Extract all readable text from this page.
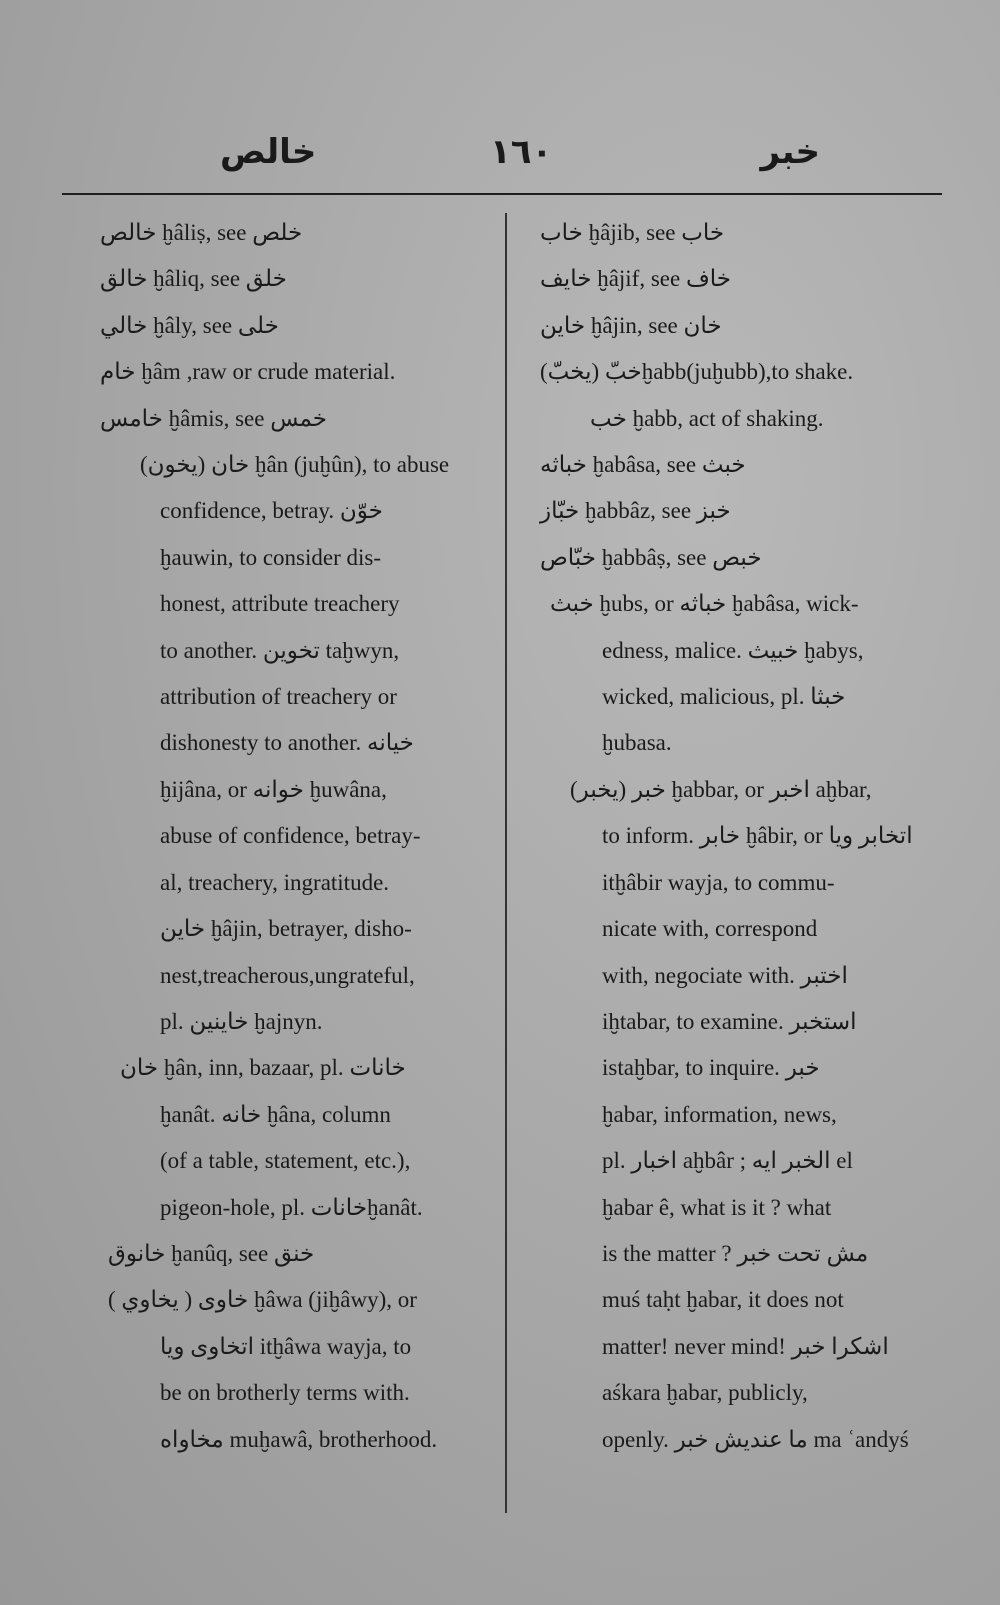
خالص	١٦٠	خبر
خالص ḫâliṣ, see خلص
خالق ḫâliq, see خلق
خالي ḫâly, see خلى
خام ḫâm ,raw or crude material.
خامس ḫâmis, see خمس
خان (يخون) ḫân (juḫûn), to abuse
confidence, betray. خوّن
ḫauwin, to consider dis-
honest, attribute treachery
to another. تخوين taḫwyn,
attribution of treachery or
dishonesty to another. خيانه
ḫijâna, or خوانه ḫuwâna,
abuse of confidence, betray-
al, treachery, ingratitude.
خاين ḫâjin, betrayer, disho-
nest,treacherous,ungrateful,
pl. خاينين ḫajnyn.
خان ḫân, inn, bazaar, pl. خانات
ḫanât. خانه ḫâna, column
(of a table, statement, etc.),
pigeon-hole, pl. خاناتḫanât.
خانوق ḫanûq, see خنق
خاوى ( يخاوي ) ḫâwa (jiḫâwy), or
اتخاوى ويا itḫâwa wayja, to
be on brotherly terms with.
مخاواه muḫawâ, brotherhood.
خاب ḫâjib, see خاب
خايف ḫâjif, see خاف
خاين ḫâjin, see خان
خبّ (يخبّ)ḫabb(juḫubb),to shake.
خب ḫabb, act of shaking.
خباثه ḫabâsa, see خبث
خبّاز ḫabbâz, see خبز
خبّاص ḫabbâṣ, see خبص
خبث ḫubs, or خباثه ḫabâsa, wick-
edness, malice. خبيث ḫabys,
wicked, malicious, pl. خبثا
ḫubasa.
خبر (يخبر) ḫabbar, or اخبر aḫbar,
to inform. خابر ḫâbir, or اتخابر ويا
itḫâbir wayja, to commu-
nicate with, correspond
with, negociate with. اختبر
iḫtabar, to examine. استخبر
istaḫbar, to inquire. خبر
ḫabar, information, news,
pl. اخبار aḫbâr ; الخبر ايه el
ḫabar ê, what is it ? what
is the matter ? مش تحت خبر
muś taḥt ḫabar, it does not
matter! never mind! اشكرا خبر
aśkara ḫabar, publicly,
openly. ما عنديش خبر ma ʿandyś
